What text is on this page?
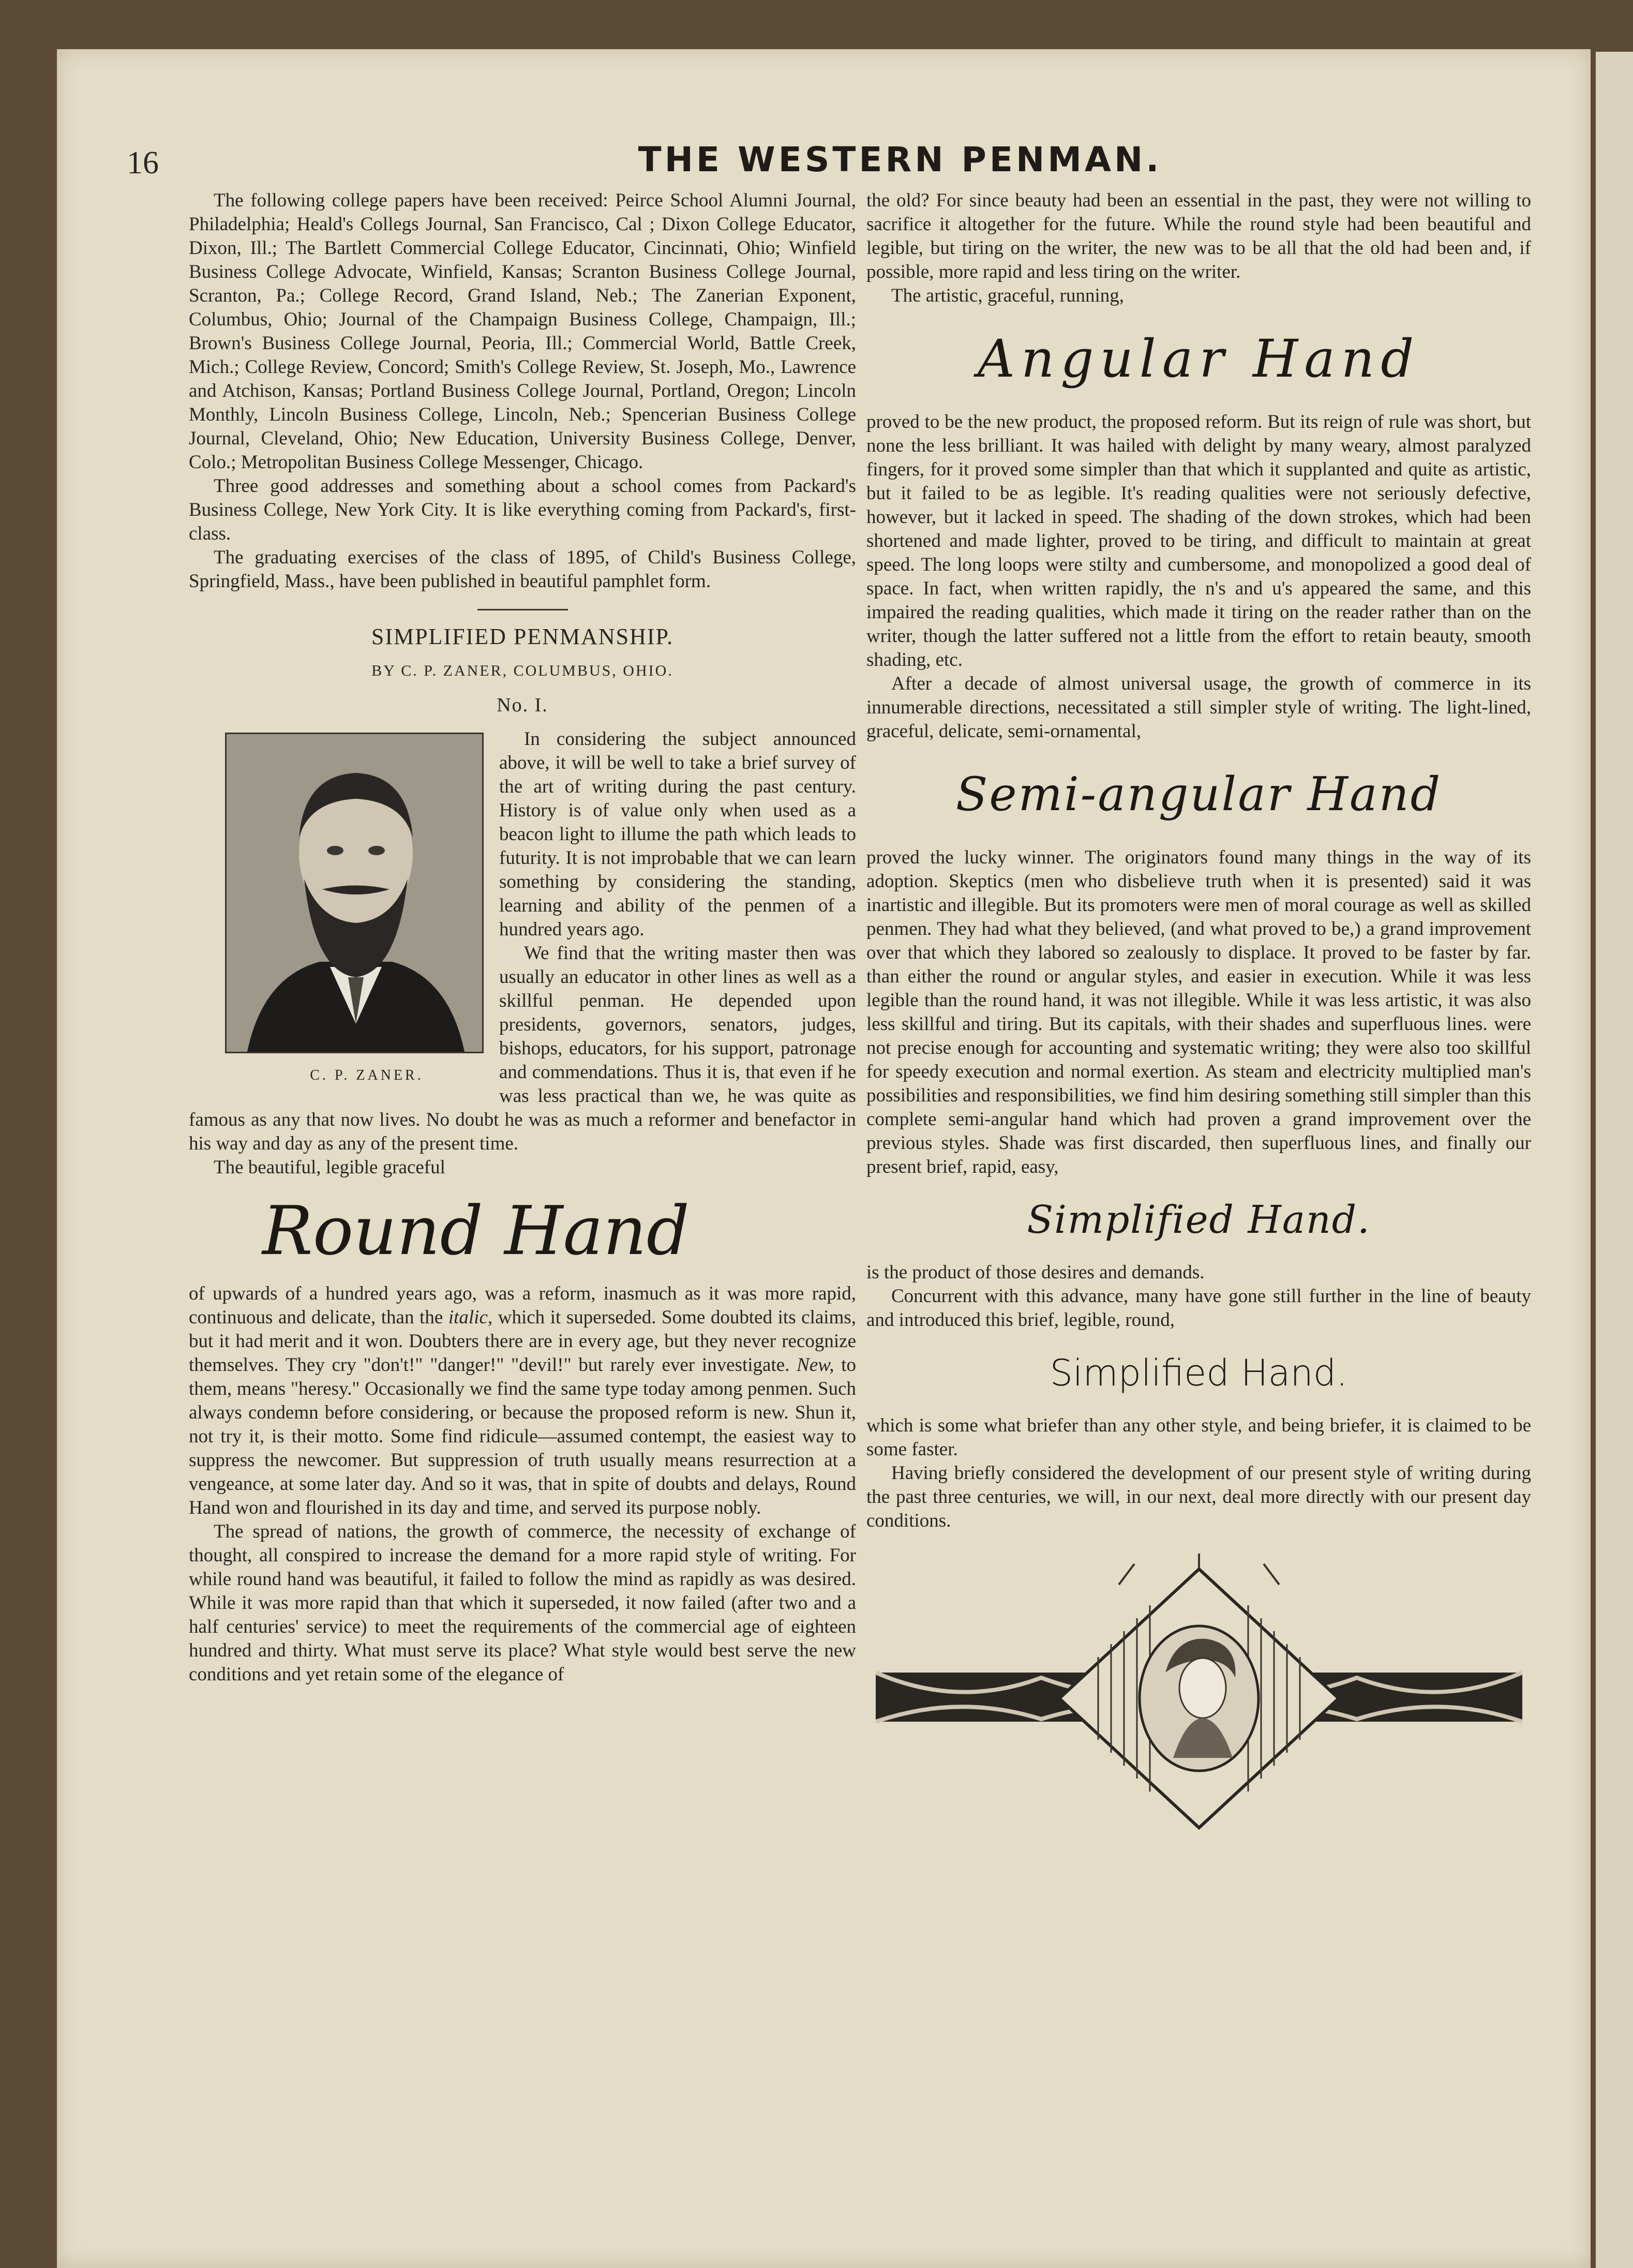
16	THE WESTERN PENMAN.

The following college papers have been received: Peirce School Alumni Journal, Philadelphia; Heald's Collegs Journal, San Francisco, Cal ; Dixon College Educator, Dixon, Ill.; The Bartlett Commercial College Educator, Cincinnati, Ohio; Winfield Business College Advocate, Winfield, Kansas; Scranton Business College Journal, Scranton, Pa.; College Record, Grand Island, Neb.; The Zanerian Exponent, Columbus, Ohio; Journal of the Champaign Business College, Champaign, Ill.; Brown's Business College Journal, Peoria, Ill.; Commercial World, Battle Creek, Mich.; College Review, Concord; Smith's College Review, St. Joseph, Mo., Lawrence and Atchison, Kansas; Portland Business College Journal, Portland, Oregon; Lincoln Monthly, Lincoln Business College, Lincoln, Neb.; Spencerian Business College Journal, Cleveland, Ohio; New Education, University Business College, Denver, Colo.; Metropolitan Business College Messenger, Chicago.

Three good addresses and something about a school comes from Packard's Business College, New York City. It is like everything coming from Packard's, first-class.

The graduating exercises of the class of 1895, of Child's Business College, Springfield, Mass., have been published in beautiful pamphlet form.

SIMPLIFIED PENMANSHIP.
BY C. P. ZANER, COLUMBUS, OHIO.
No. I.

C. P. ZANER.
In considering the subject announced above, it will be well to take a brief survey of the art of writing during the past century. History is of value only when used as a beacon light to illume the path which leads to futurity. It is not improbable that we can learn something by considering the standing, learning and ability of the penmen of a hundred years ago.

We find that the writing master then was usually an educator in other lines as well as a skillful penman. He depended upon presidents, governors, senators, judges, bishops, educators, for his support, patronage and commendations. Thus it is, that even if he was less practical than we, he was quite as famous as any that now lives. No doubt he was as much a reformer and benefactor in his way and day as any of the present time.

The beautiful, legible graceful

Round Hand

of upwards of a hundred years ago, was a reform, inasmuch as it was more rapid, continuous and delicate, than the italic, which it superseded. Some doubted its claims, but it had merit and it won. Doubters there are in every age, but they never recognize themselves. They cry "don't!" "danger!" "devil!" but rarely ever investigate. New, to them, means "heresy." Occasionally we find the same type today among penmen. Such always condemn before considering, or because the proposed reform is new. Shun it, not try it, is their motto. Some find ridicule—assumed contempt, the easiest way to suppress the newcomer. But suppression of truth usually means resurrection at a vengeance, at some later day. And so it was, that in spite of doubts and delays, Round Hand won and flourished in its day and time, and served its purpose nobly.

The spread of nations, the growth of commerce, the necessity of exchange of thought, all conspired to increase the demand for a more rapid style of writing. For while round hand was beautiful, it failed to follow the mind as rapidly as was desired. While it was more rapid than that which it superseded, it now failed (after two and a half centuries' service) to meet the requirements of the commercial age of eighteen hundred and thirty. What must serve its place? What style would best serve the new conditions and yet retain some of the elegance of

the old? For since beauty had been an essential in the past, they were not willing to sacrifice it altogether for the future. While the round style had been beautiful and legible, but tiring on the writer, the new was to be all that the old had been and, if possible, more rapid and less tiring on the writer.

The artistic, graceful, running,

Angular Hand

proved to be the new product, the proposed reform. But its reign of rule was short, but none the less brilliant. It was hailed with delight by many weary, almost paralyzed fingers, for it proved some simpler than that which it supplanted and quite as artistic, but it failed to be as legible. It's reading qualities were not seriously defective, however, but it lacked in speed. The shading of the down strokes, which had been shortened and made lighter, proved to be tiring, and difficult to maintain at great speed. The long loops were stilty and cumbersome, and monopolized a good deal of space. In fact, when written rapidly, the n's and u's appeared the same, and this impaired the reading qualities, which made it tiring on the reader rather than on the writer, though the latter suffered not a little from the effort to retain beauty, smooth shading, etc.

After a decade of almost universal usage, the growth of commerce in its innumerable directions, necessitated a still simpler style of writing. The light-lined, graceful, delicate, semi-ornamental,

Semi-angular Hand

proved the lucky winner. The originators found many things in the way of its adoption. Skeptics (men who disbelieve truth when it is presented) said it was inartistic and illegible. But its promoters were men of moral courage as well as skilled penmen. They had what they believed, (and what proved to be,) a grand improvement over that which they labored so zealously to displace. It proved to be faster by far. than either the round or angular styles, and easier in execution. While it was less legible than the round hand, it was not illegible. While it was less artistic, it was also less skillful and tiring. But its capitals, with their shades and superfluous lines. were not precise enough for accounting and systematic writing; they were also too skillful for speedy execution and normal exertion. As steam and electricity multiplied man's possibilities and responsibilities, we find him desiring something still simpler than this complete semi-angular hand which had proven a grand improvement over the previous styles. Shade was first discarded, then superfluous lines, and finally our present brief, rapid, easy,

Simplified Hand.

is the product of those desires and demands.

Concurrent with this advance, many have gone still further in the line of beauty and introduced this brief, legible, round,

Simplified Hand.

which is some what briefer than any other style, and being briefer, it is claimed to be some faster.

Having briefly considered the development of our present style of writing during the past three centuries, we will, in our next, deal more directly with our present day conditions.
